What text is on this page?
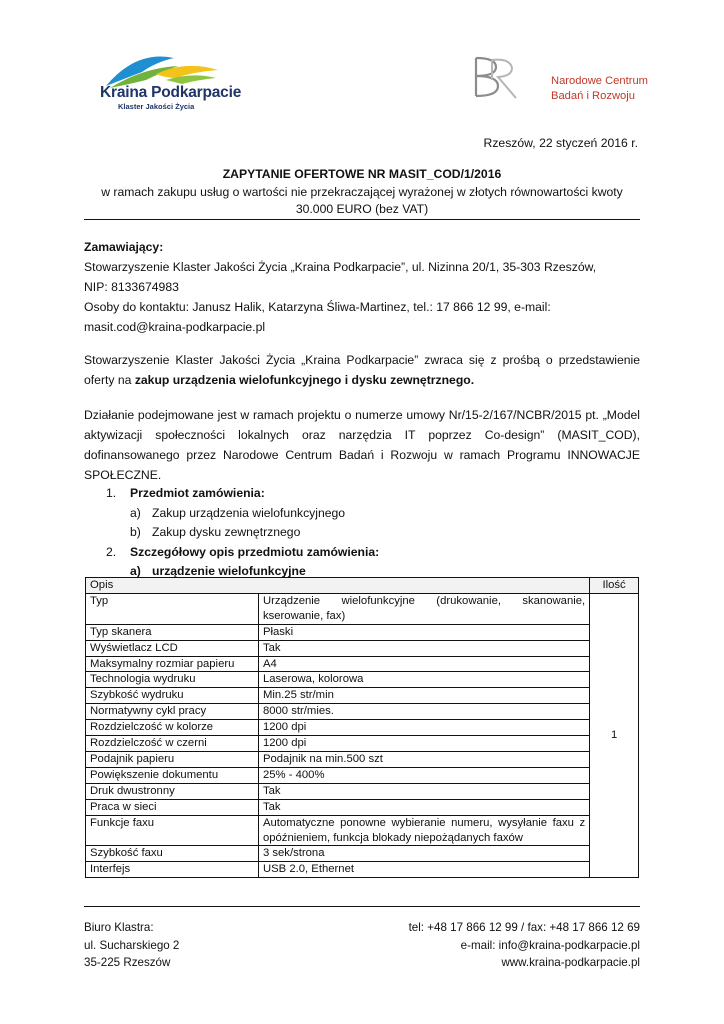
Kraina Podkarpacie
Klaster Jakości Życia
Narodowe Centrum
Badań i Rozwoju
Rzeszów, 22 styczeń 2016 r.
ZAPYTANIE OFERTOWE NR MASIT_COD/1/2016
w ramach zakupu usług o wartości nie przekraczającej wyrażonej w złotych równowartości kwoty
30.000 EURO (bez VAT)
Zamawiający:
Stowarzyszenie Klaster Jakości Życia „Kraina Podkarpacie”, ul. Nizinna 20/1, 35-303 Rzeszów,
NIP: 8133674983
Osoby do kontaktu: Janusz Halik, Katarzyna Śliwa-Martinez, tel.: 17 866 12 99, e-mail:
masit.cod@kraina-podkarpacie.pl
Stowarzyszenie Klaster Jakości Życia „Kraina Podkarpacie” zwraca się z prośbą o przedstawienie oferty na zakup urządzenia wielofunkcyjnego i dysku zewnętrznego.
Działanie podejmowane jest w ramach projektu o numerze umowy Nr/15-2/167/NCBR/2015 pt. „Model aktywizacji społeczności lokalnych oraz narzędzia IT poprzez Co-design” (MASIT_COD), dofinansowanego przez Narodowe Centrum Badań i Rozwoju w ramach Programu INNOWACJE SPOŁECZNE.
1. Przedmiot zamówienia:
a) Zakup urządzenia wielofunkcyjnego
b) Zakup dysku zewnętrznego
2. Szczegółowy opis przedmiotu zamówienia:
a) urządzenie wielofunkcyjne
Opis		Ilość
Typ	Urządzenie wielofunkcyjne (drukowanie, skanowanie, kserowanie, fax)	1
Typ skanera	Płaski	
Wyświetlacz LCD	Tak	
Maksymalny rozmiar papieru	A4	
Technologia wydruku	Laserowa, kolorowa	
Szybkość wydruku	Min.25 str/min	
Normatywny cykl pracy	8000 str/mies.	
Rozdzielczość w kolorze	1200 dpi	
Rozdzielczość w czerni	1200 dpi	
Podajnik papieru	Podajnik na min.500 szt	
Powiększenie dokumentu	25% - 400%	
Druk dwustronny	Tak	
Praca w sieci	Tak	
Funkcje faxu	Automatyczne ponowne wybieranie numeru, wysyłanie faxu z opóźnieniem, funkcja blokady niepożądanych faxów	
Szybkość faxu	3 sek/strona	
Interfejs	USB 2.0, Ethernet	
Biuro Klastra:
ul. Sucharskiego 2
35-225 Rzeszów
tel: +48 17 866 12 99 / fax: +48 17 866 12 69
e-mail: info@kraina-podkarpacie.pl
www.kraina-podkarpacie.pl
